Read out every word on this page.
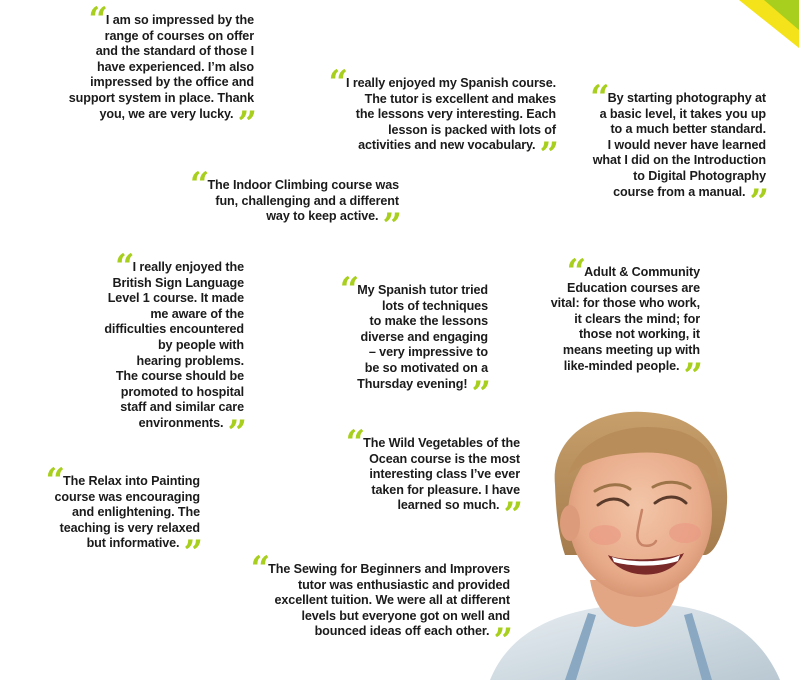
“I am so impressed by the
range of courses on offer
and the standard of those I
have experienced. I’m also
impressed by the office and
support system in place. Thank
you, we are very lucky. ”
“I really enjoyed my Spanish course.
The tutor is excellent and makes
the lessons very interesting. Each
lesson is packed with lots of
activities and new vocabulary. ”
“By starting photography at
a basic level, it takes you up
to a much better standard.
I would never have learned
what I did on the Introduction
to Digital Photography
course from a manual. ”
“The Indoor Climbing course was
fun, challenging and a different
way to keep active. ”
“I really enjoyed the
British Sign Language
Level 1 course. It made
me aware of the
difficulties encountered
by people with
hearing problems.
The course should be
promoted to hospital
staff and similar care
environments. ”
“My Spanish tutor tried
lots of techniques
to make the lessons
diverse and engaging
– very impressive to
be so motivated on a
Thursday evening! ”
“Adult & Community
Education courses are
vital: for those who work,
it clears the mind; for
those not working, it
means meeting up with
like-minded people. ”
“The Wild Vegetables of the
Ocean course is the most
interesting class I’ve ever
taken for pleasure. I have
learned so much. ”
“The Relax into Painting
course was encouraging
and enlightening. The
teaching is very relaxed
but informative. ”	“The Sewing for Beginners and Improvers
tutor was enthusiastic and provided
excellent tuition. We were all at different
levels but everyone got on well and
bounced ideas off each other. ”
